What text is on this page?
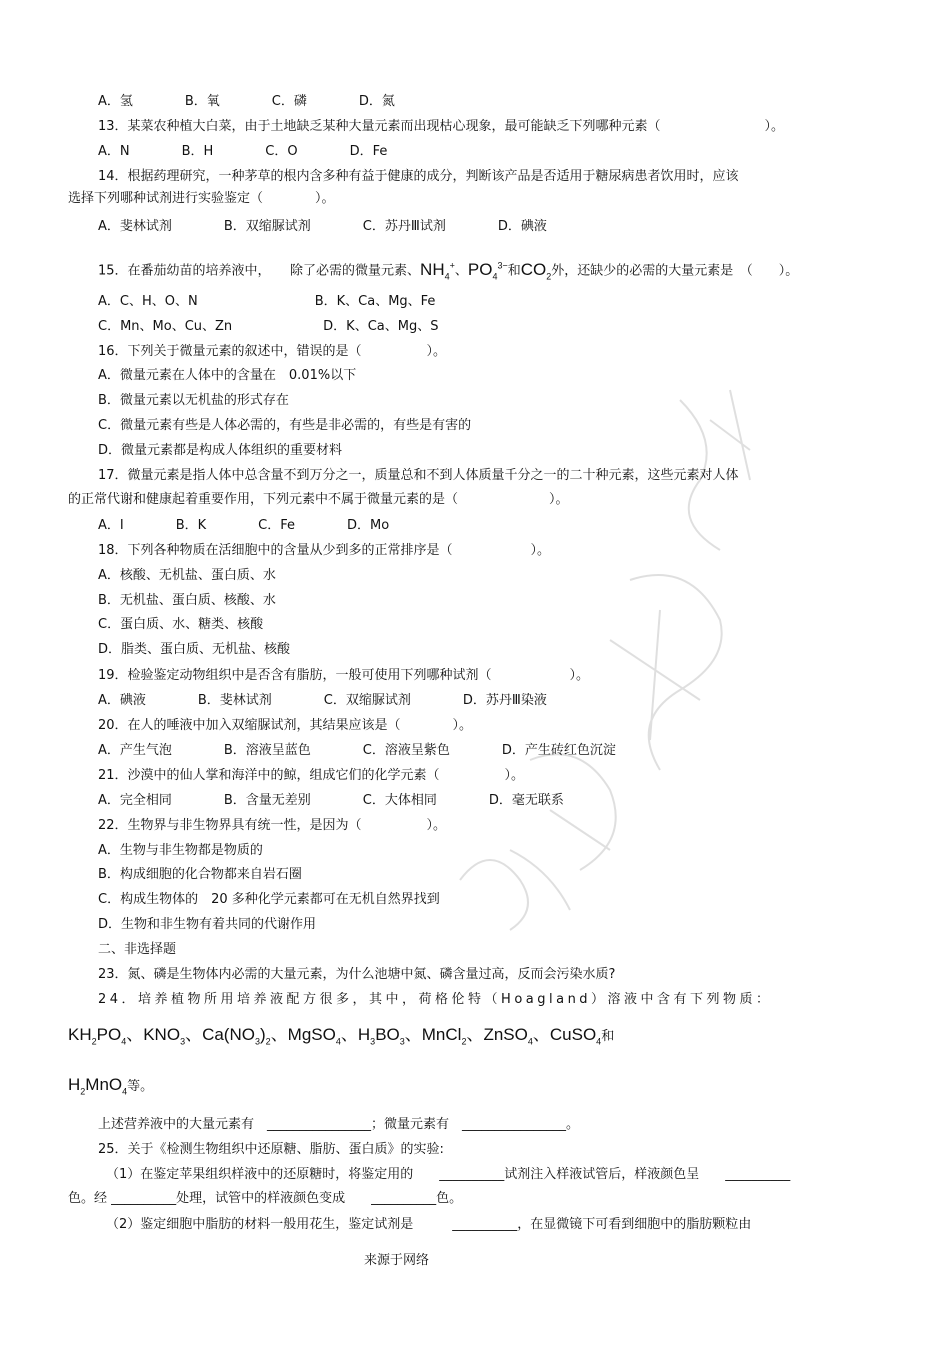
A．氢　　　　B．氧　　　　C．磷　　　　D．氮
13．某菜农种植大白菜，由于土地缺乏某种大量元素而出现枯心现象，最可能缺乏下列哪种元素（　　　　　　　　）。
A．N　　　　B．H　　　　C．O　　　　D．Fe
14．根据药理研究，一种茅草的根内含多种有益于健康的成分，判断该产品是否适用于糖尿病患者饮用时，应该
选择下列哪种试剂进行实验鉴定（　　　　）。
A．斐林试剂　　　　B．双缩脲试剂　　　　C．苏丹Ⅲ试剂　　　　D．碘液
15．在番茄幼苗的培养液中，　　除了必需的微量元素、$NH_4^+$、$PO_4^{3-}$和$CO_2$外，还缺少的必需的大量元素是　（　　）。
A．C、H、O、N　　　　　　　　　B．K、Ca、Mg、Fe
C．Mn、Mo、Cu、Zn　　　　　　　D．K、Ca、Mg、S
16．下列关于微量元素的叙述中，错误的是（　　　　　）。
A．微量元素在人体中的含量在　0.01%以下
B．微量元素以无机盐的形式存在
C．微量元素有些是人体必需的，有些是非必需的，有些是有害的
D．微量元素都是构成人体组织的重要材料
17．微量元素是指人体中总含量不到万分之一，质量总和不到人体质量千分之一的二十种元素，这些元素对人体
的正常代谢和健康起着重要作用，下列元素中不属于微量元素的是（　　　　　　　）。
A．I　　　　B．K　　　　C．Fe　　　　D．Mo
18．下列各种物质在活细胞中的含量从少到多的正常排序是（　　　　　　）。
A．核酸、无机盐、蛋白质、水
B．无机盐、蛋白质、核酸、水
C．蛋白质、水、糖类、核酸
D．脂类、蛋白质、无机盐、核酸
19．检验鉴定动物组织中是否含有脂肪，一般可使用下列哪种试剂（　　　　　　）。
A．碘液　　　　B．斐林试剂　　　　C．双缩脲试剂　　　　D．苏丹Ⅲ染液
20．在人的唾液中加入双缩脲试剂，其结果应该是（　　　　）。
A．产生气泡　　　　B．溶液呈蓝色　　　　C．溶液呈紫色　　　　D．产生砖红色沉淀
21．沙漠中的仙人掌和海洋中的鲸，组成它们的化学元素（　　　　　）。
A．完全相同　　　　B．含量无差别　　　　C．大体相同　　　　D．毫无联系
22．生物界与非生物界具有统一性，是因为（　　　　　）。
A．生物与非生物都是物质的
B．构成细胞的化合物都来自岩石圈
C．构成生物体的　20 多种化学元素都可在无机自然界找到
D．生物和非生物有着共同的代谢作用
二、非选择题
23．氮、磷是生物体内必需的大量元素，为什么池塘中氮、磷含量过高，反而会污染水质?
24．培养植物所用培养液配方很多，其中，荷格伦特（Hoagland）溶液中含有下列物质：
$KH_2PO_4$、$KNO_3$、$Ca(NO_3)_2$、MgSO$_4$、$H_3BO_3$、MnCl$_2$、ZnSO$_4$、CuSO$_4$和
$H_2MnO_4$等。
上述营养液中的大量元素有　________________；微量元素有　________________。
25．关于《检测生物组织中还原糖、脂肪、蛋白质》的实验:
（1）在鉴定苹果组织样液中的还原糖时，将鉴定用的　　__________试剂注入样液试管后，样液颜色呈　　__________
色。经 __________处理，试管中的样液颜色变成　　__________色。
（2）鉴定细胞中脂肪的材料一般用花生，鉴定试剂是　　　__________，在显微镜下可看到细胞中的脂肪颗粒由
来源于网络
